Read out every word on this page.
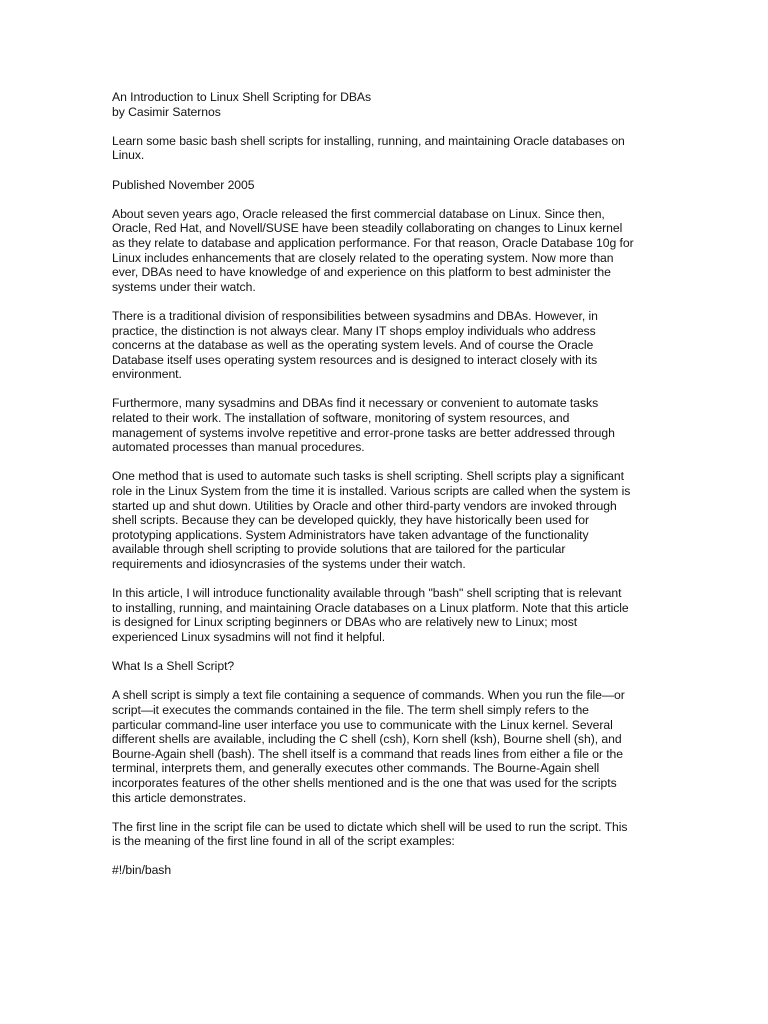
An Introduction to Linux Shell Scripting for DBAs
by Casimir Saternos
Learn some basic bash shell scripts for installing, running, and maintaining Oracle databases on
Linux.
Published November 2005
About seven years ago, Oracle released the first commercial database on Linux. Since then,
Oracle, Red Hat, and Novell/SUSE have been steadily collaborating on changes to Linux kernel
as they relate to database and application performance. For that reason, Oracle Database 10g for
Linux includes enhancements that are closely related to the operating system. Now more than
ever, DBAs need to have knowledge of and experience on this platform to best administer the
systems under their watch.
There is a traditional division of responsibilities between sysadmins and DBAs. However, in
practice, the distinction is not always clear. Many IT shops employ individuals who address
concerns at the database as well as the operating system levels. And of course the Oracle
Database itself uses operating system resources and is designed to interact closely with its
environment.
Furthermore, many sysadmins and DBAs find it necessary or convenient to automate tasks
related to their work. The installation of software, monitoring of system resources, and
management of systems involve repetitive and error-prone tasks are better addressed through
automated processes than manual procedures.
One method that is used to automate such tasks is shell scripting. Shell scripts play a significant
role in the Linux System from the time it is installed. Various scripts are called when the system is
started up and shut down. Utilities by Oracle and other third-party vendors are invoked through
shell scripts. Because they can be developed quickly, they have historically been used for
prototyping applications. System Administrators have taken advantage of the functionality
available through shell scripting to provide solutions that are tailored for the particular
requirements and idiosyncrasies of the systems under their watch.
In this article, I will introduce functionality available through "bash" shell scripting that is relevant
to installing, running, and maintaining Oracle databases on a Linux platform. Note that this article
is designed for Linux scripting beginners or DBAs who are relatively new to Linux; most
experienced Linux sysadmins will not find it helpful.
What Is a Shell Script?
A shell script is simply a text file containing a sequence of commands. When you run the file—or
script—it executes the commands contained in the file. The term shell simply refers to the
particular command-line user interface you use to communicate with the Linux kernel. Several
different shells are available, including the C shell (csh), Korn shell (ksh), Bourne shell (sh), and
Bourne-Again shell (bash). The shell itself is a command that reads lines from either a file or the
terminal, interprets them, and generally executes other commands. The Bourne-Again shell
incorporates features of the other shells mentioned and is the one that was used for the scripts
this article demonstrates.
The first line in the script file can be used to dictate which shell will be used to run the script. This
is the meaning of the first line found in all of the script examples:
#!/bin/bash
